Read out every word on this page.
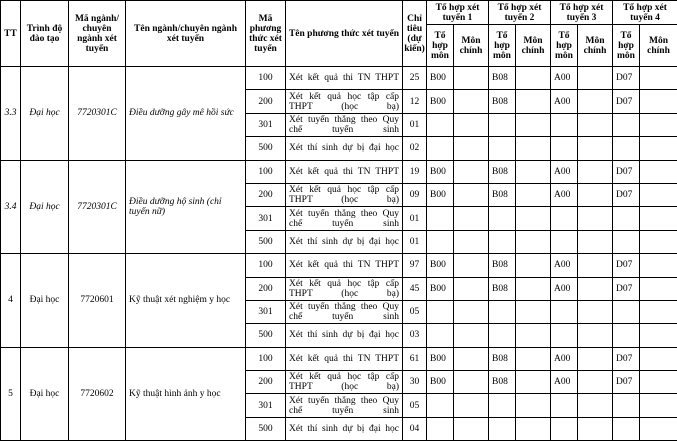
TT	Trình độ đào tạo	Mã ngành/ chuyên ngành xét tuyển	Tên ngành/chuyên ngành xét tuyển	Mã phương thức xét tuyển	Tên phương thức xét tuyển	Chỉ tiêu (dự kiến)	Tổ hợp xét tuyển 1		Tổ hợp xét tuyển 2		Tổ hợp xét tuyển 3		Tổ hợp xét tuyển 4	
							Tổ hợp môn	Môn chính	Tổ hợp môn	Môn chính	Tổ hợp môn	Môn chính	Tổ hợp môn	Môn chính
3.3	Đại học	7720301C	Điều dưỡng gây mê hồi sức	100	Xét kết quả thi TN THPT	25	B00		B08		A00		D07	
				200	Xét kết quả học tập cấp THPT (học bạ)	12	B00		B08		A00		D07	
				301	Xét tuyển thẳng theo Quy chế tuyển sinh	01								
				500	Xét thí sinh dự bị đại học	02								
3.4	Đại học	7720301C	Điều dưỡng hộ sinh (chỉ tuyển nữ)	100	Xét kết quả thi TN THPT	19	B00		B08		A00		D07	
				200	Xét kết quả học tập cấp THPT (học bạ)	09	B00		B08		A00		D07	
				301	Xét tuyển thẳng theo Quy chế tuyển sinh	01								
				500	Xét thí sinh dự bị đại học	01								
4	Đại học	7720601	Kỹ thuật xét nghiệm y học	100	Xét kết quả thi TN THPT	97	B00		B08		A00		D07	
				200	Xét kết quả học tập cấp THPT (học bạ)	45	B00		B08		A00		D07	
				301	Xét tuyển thẳng theo Quy chế tuyển sinh	05								
				500	Xét thí sinh dự bị đại học	03								
5	Đại học	7720602	Kỹ thuật hình ảnh y học	100	Xét kết quả thi TN THPT	61	B00		B08		A00		D07	
				200	Xét kết quả học tập cấp THPT (học bạ)	30	B00		B08		A00		D07	
				301	Xét tuyển thẳng theo Quy chế tuyển sinh	05								
				500	Xét thí sinh dự bị đại học	04								
